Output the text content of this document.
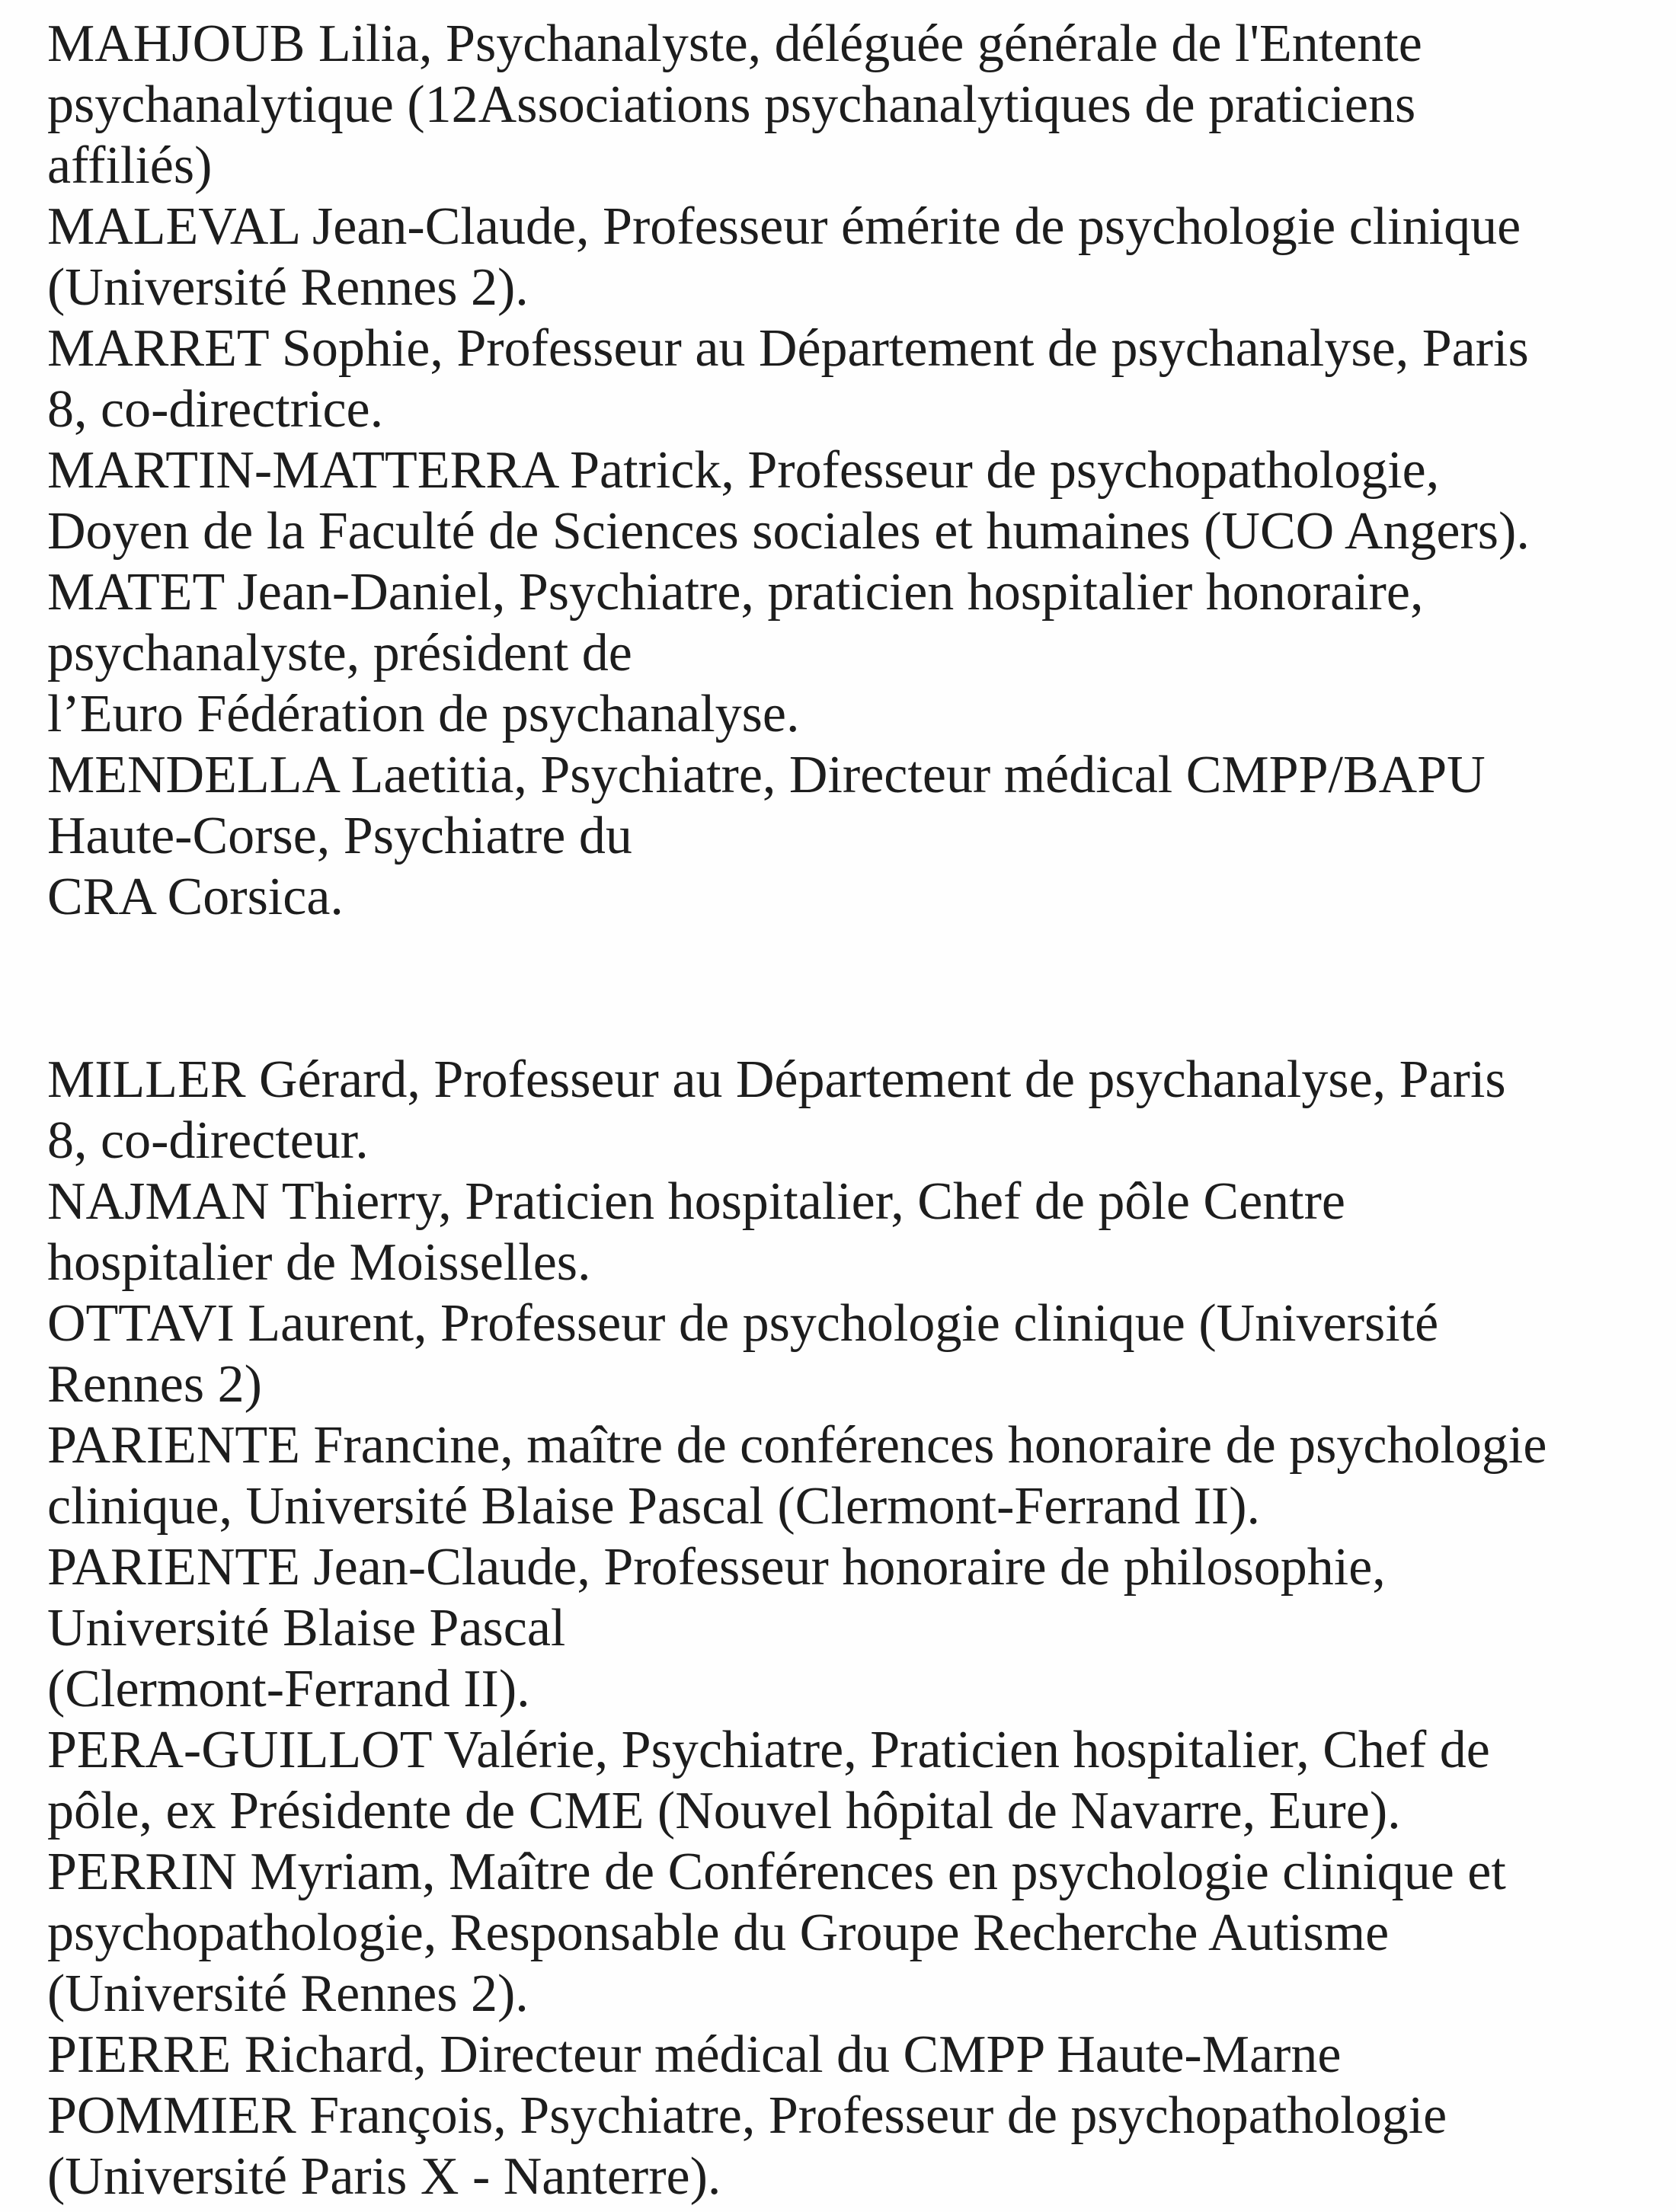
MAHJOUB Lilia, Psychanalyste, déléguée générale de l'Entente
psychanalytique (12Associations psychanalytiques de praticiens
affiliés)
MALEVAL Jean-Claude, Professeur émérite de psychologie clinique
(Université Rennes 2).
MARRET Sophie, Professeur au Département de psychanalyse, Paris
8, co-directrice.
MARTIN-MATTERRA Patrick, Professeur de psychopathologie,
Doyen de la Faculté de Sciences sociales et humaines (UCO Angers).
MATET Jean-Daniel, Psychiatre, praticien hospitalier honoraire,
psychanalyste, président de
l’Euro Fédération de psychanalyse.
MENDELLA Laetitia, Psychiatre, Directeur médical CMPP/BAPU
Haute-Corse, Psychiatre du
CRA Corsica.

MILLER Gérard, Professeur au Département de psychanalyse, Paris
8, co-directeur.
NAJMAN Thierry, Praticien hospitalier, Chef de pôle Centre
hospitalier de Moisselles.
OTTAVI Laurent, Professeur de psychologie clinique (Université
Rennes 2)
PARIENTE Francine, maître de conférences honoraire de psychologie
clinique, Université Blaise Pascal (Clermont-Ferrand II).
PARIENTE Jean-Claude, Professeur honoraire de philosophie,
Université Blaise Pascal
(Clermont-Ferrand II).
PERA-GUILLOT Valérie, Psychiatre, Praticien hospitalier, Chef de
pôle, ex Présidente de CME (Nouvel hôpital de Navarre, Eure).
PERRIN Myriam, Maître de Conférences en psychologie clinique et
psychopathologie, Responsable du Groupe Recherche Autisme
(Université Rennes 2).
PIERRE Richard, Directeur médical du CMPP Haute-Marne
POMMIER François, Psychiatre, Professeur de psychopathologie
(Université Paris X - Nanterre).
